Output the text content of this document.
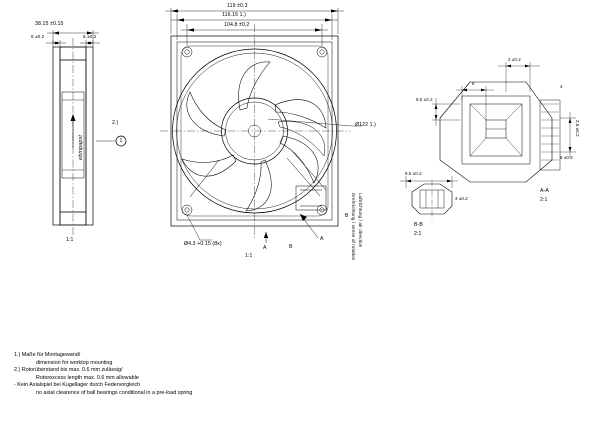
38.15 ±0.15
6 ±0.2	6 ±0.2
2.)
1
1:1
ebmpapst
119 ±0.3
116.16 1.)
104.8 ±0.2
Ø122 1.)
Ø4.3 +0.15 (8x)
1:1
A
A
B
B	Luftrichtung / air direction
Drehrichtung / sense of rotation
A-A
2:1
2 ±0.2
8
9.5 ±0.2
4
2.5 ±0.2
5 ±0.2
B-B
2:1
9.5 ±0.2
3 ±0.2
1.) Maße für Montagewand/
dimension for worktop mounting
2.) Rotorüberstand bis max. 0.6 mm zulässig/
Rotorexcess length max. 0.6 mm allowable
- Kein Axialspiel bei Kugellager durch Federvorgleich
no axial clearence of ball bearings conditional in a pre-load spring
